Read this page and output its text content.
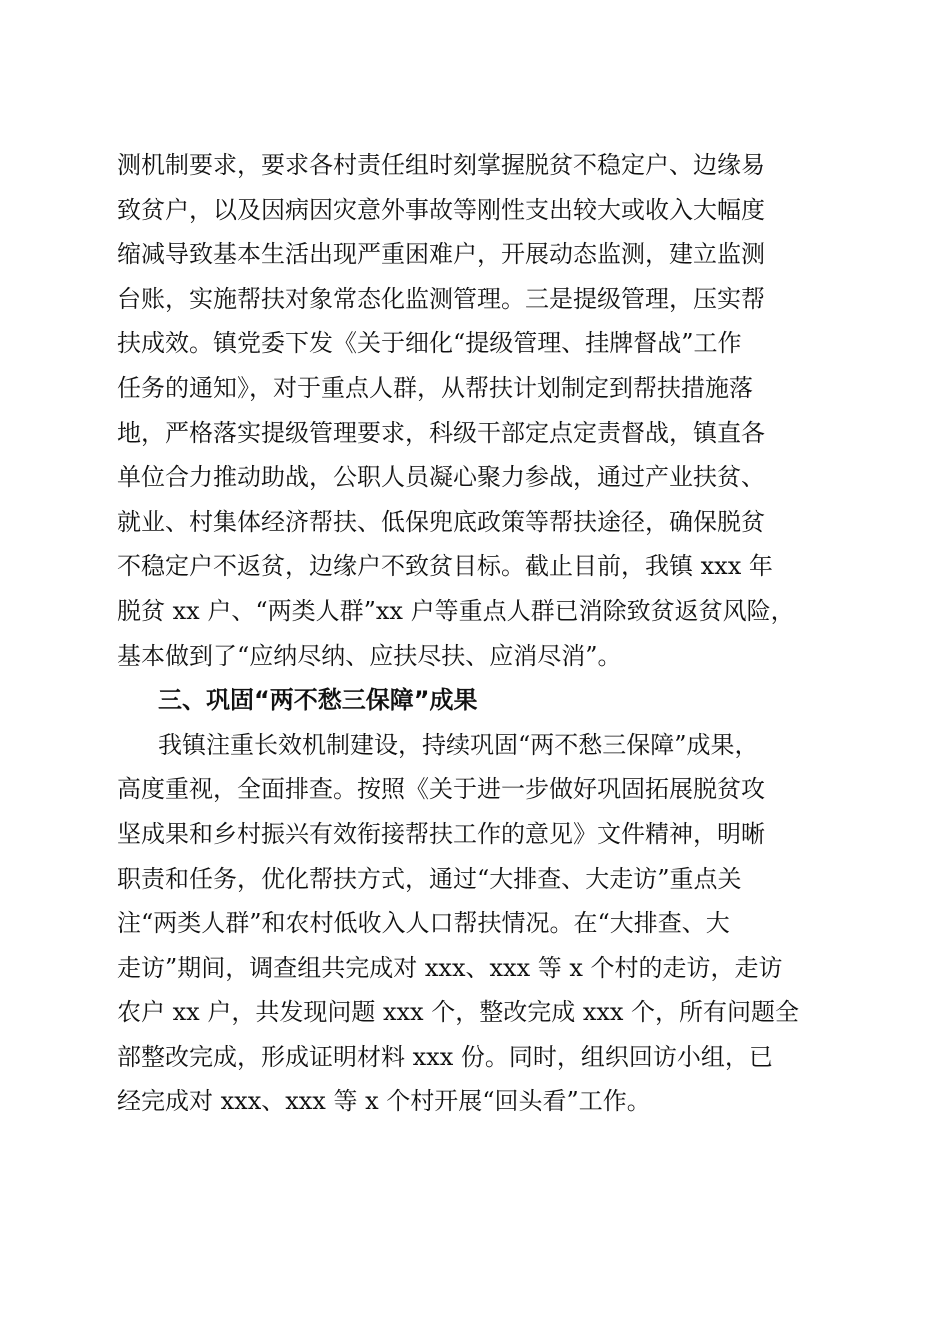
测机制要求，要求各村责任组时刻掌握脱贫不稳定户、边缘易
致贫户，以及因病因灾意外事故等刚性支出较大或收入大幅度
缩减导致基本生活出现严重困难户，开展动态监测，建立监测
台账，实施帮扶对象常态化监测管理。三是提级管理，压实帮
扶成效。镇党委下发《关于细化“提级管理、挂牌督战”工作
任务的通知》，对于重点人群，从帮扶计划制定到帮扶措施落
地，严格落实提级管理要求，科级干部定点定责督战，镇直各
单位合力推动助战，公职人员凝心聚力参战，通过产业扶贫、
就业、村集体经济帮扶、低保兜底政策等帮扶途径，确保脱贫
不稳定户不返贫，边缘户不致贫目标。截止目前，我镇 xxx 年
脱贫 xx 户、“两类人群”xx 户等重点人群已消除致贫返贫风险，
基本做到了“应纳尽纳、应扶尽扶、应消尽消”。
三、巩固“两不愁三保障”成果
我镇注重长效机制建设，持续巩固“两不愁三保障”成果，
高度重视，全面排查。按照《关于进一步做好巩固拓展脱贫攻
坚成果和乡村振兴有效衔接帮扶工作的意见》文件精神，明晰
职责和任务，优化帮扶方式，通过“大排查、大走访”重点关
注“两类人群”和农村低收入人口帮扶情况。在“大排查、大
走访”期间，调查组共完成对 xxx、xxx 等 x 个村的走访，走访
农户 xx 户，共发现问题 xxx 个，整改完成 xxx 个，所有问题全
部整改完成，形成证明材料 xxx 份。同时，组织回访小组，已
经完成对 xxx、xxx 等 x 个村开展“回头看”工作。
